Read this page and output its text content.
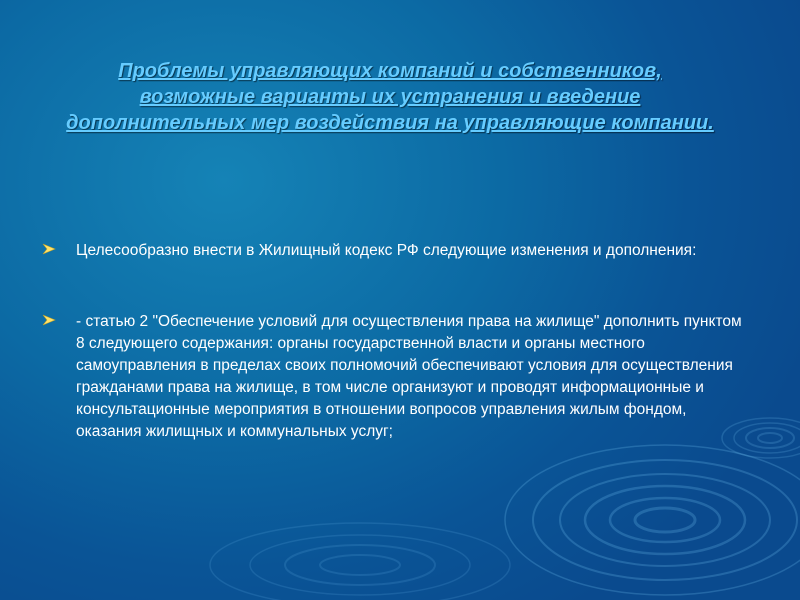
Проблемы управляющих компаний и собственников, возможные варианты их устранения и введение дополнительных мер воздействия на управляющие компании.
Целесообразно внести в Жилищный кодекс РФ следующие изменения и дополнения:
- статью 2 "Обеспечение условий для осуществления права на жилище" дополнить пунктом 8 следующего содержания: органы государственной власти и органы местного самоуправления в пределах своих полномочий обеспечивают условия для осуществления гражданами права на жилище, в том числе организуют и проводят информационные и консультационные мероприятия в отношении вопросов управления жилым фондом, оказания жилищных и коммунальных услуг;
